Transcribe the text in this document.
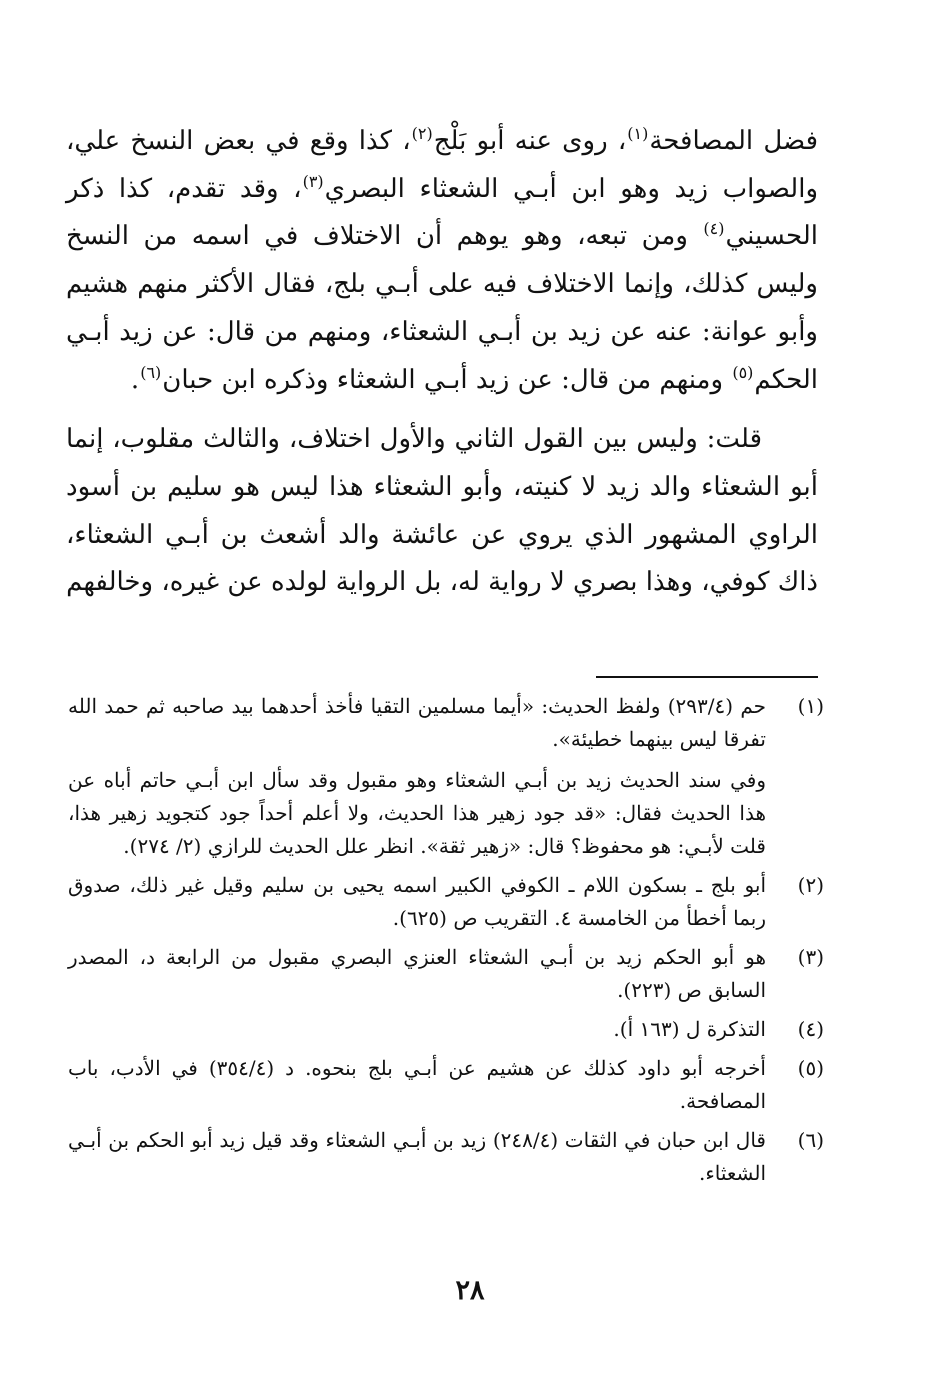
فضل المصافحة$^{(١)}$، روى عنه أبو بَلْج$^{(٢)}$، كذا وقع في بعض النسخ علي، والصواب زيد وهو ابن أبـي الشعثاء البصري$^{(٣)}$، وقد تقدم، كذا ذكر الحسيني$^{(٤)}$ ومن تبعه، وهو يوهم أن الاختلاف في اسمه من النسخ وليس كذلك، وإنما الاختلاف فيه على أبـي بلج، فقال الأكثر منهم هشيم وأبو عوانة: عنه عن زيد بن أبـي الشعثاء، ومنهم من قال: عن زيد أبـي الحكم$^{(٥)}$ ومنهم من قال: عن زيد أبـي الشعثاء وذكره ابن حبان$^{(٦)}$.

قلت: وليس بين القول الثاني والأول اختلاف، والثالث مقلوب، إنما أبو الشعثاء والد زيد لا كنيته، وأبو الشعثاء هذا ليس هو سليم بن أسود الراوي المشهور الذي يروي عن عائشة والد أشعث بن أبـي الشعثاء، ذاك كوفي، وهذا بصري لا رواية له، بل الرواية لولده عن غيره، وخالفهم

(١)

حم (٢٩٣/٤) ولفظ الحديث: «أيما مسلمين التقيا فأخذ أحدهما بيد صاحبه ثم حمد الله تفرقا ليس بينهما خطيئة».

وفي سند الحديث زيد بن أبـي الشعثاء وهو مقبول وقد سأل ابن أبـي حاتم أباه عن هذا الحديث فقال: «قد جود زهير هذا الحديث، ولا أعلم أحداً جود كتجويد زهير هذا، قلت لأبـي: هو محفوظ؟ قال: «زهير ثقة». انظر علل الحديث للرازي (٢/ ٢٧٤).

(٢)

أبو بلج ـ بسكون اللام ـ الكوفي الكبير اسمه يحيى بن سليم وقيل غير ذلك، صدوق ربما أخطأ من الخامسة ٤. التقريب ص (٦٢٥).

(٣)

هو أبو الحكم زيد بن أبـي الشعثاء العنزي البصري مقبول من الرابعة د، المصدر السابق ص (٢٢٣).

(٤)

التذكرة ل (١٦٣ أ).

(٥)

أخرجه أبو داود كذلك عن هشيم عن أبـي بلج بنحوه. د (٣٥٤/٤) في الأدب، باب المصافحة.

(٦)

قال ابن حبان في الثقات (٢٤٨/٤) زيد بن أبـي الشعثاء وقد قيل زيد أبو الحكم بن أبـي الشعثاء.

٢٨
